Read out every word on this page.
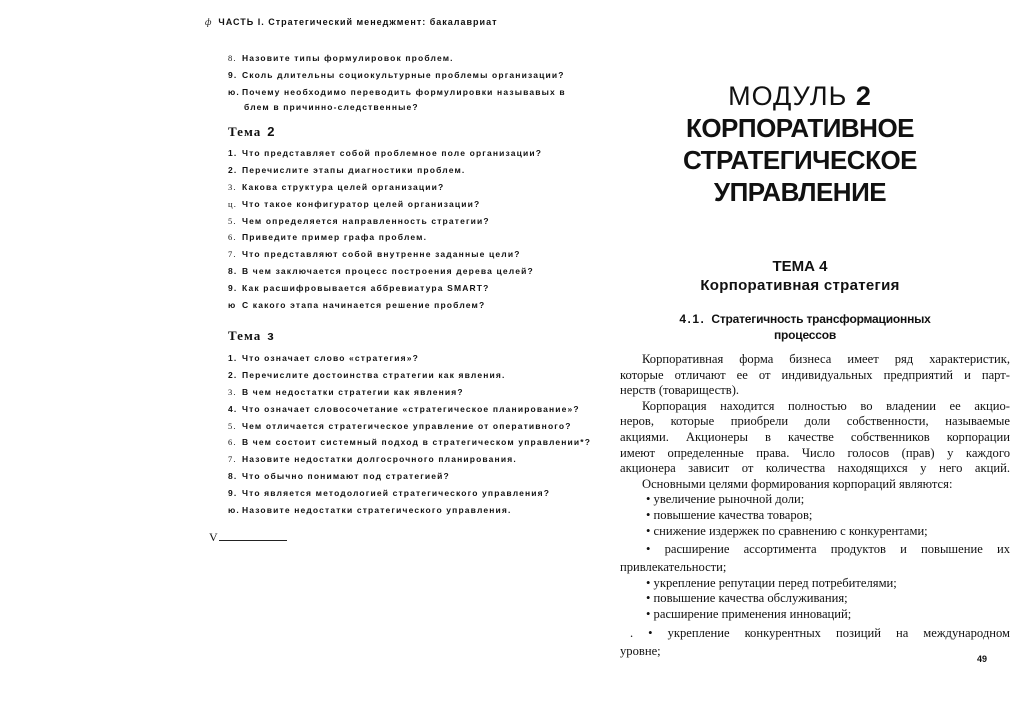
ф ЧАСТЬ I. Стратегический менеджмент: бакалавриат
8. Назовите типы формулировок проблем.
9. Сколь длительны социокультурные проблемы организации?
ю. Почему необходимо переводить формулировки называвых в
блем в причинно-следственные?
Тема 2
1. Что представляет собой проблемное поле организации?
2. Перечислите этапы диагностики проблем.
3. Какова структура целей организации?
ц. Что такое конфигуратор целей организации?
5. Чем определяется направленность стратегии?
6. Приведите пример графа проблем.
7. Что представляют собой внутренне заданные цели?
8. В чем заключается процесс построения дерева целей?
9. Как расшифровывается аббревиатура SMART?
ю С какого этапа начинается решение проблем?
Тема з
1. Что означает слово «стратегия»?
2. Перечислите достоинства стратегии как явления.
3. В чем недостатки стратегии как явления?
4. Что означает словосочетание «стратегическое планирование»?
5. Чем отличается стратегическое управление от оперативного?
6. В чем состоит системный подход в стратегическом управлении*?
7. Назовите недостатки долгосрочного планирования.
8. Что обычно понимают под стратегией?
9. Что является методологией стратегического управления?
ю. Назовите недостатки стратегического управления.
V
МОДУЛЬ 2
КОРПОРАТИВНОЕ
СТРАТЕГИЧЕСКОЕ
УПРАВЛЕНИЕ
ТЕМА 4
Корпоративная стратегия
4.1. Стратегичность трансформационных
процессов
Корпоративная форма бизнеса имеет ряд характеристик,
которые отличают ее от индивидуальных предприятий и парт-
нерств (товариществ).
Корпорация находится полностью во владении ее акцио-
неров, которые приобрели доли собственности, называемые
акциями. Акционеры в качестве собственников корпорации
имеют определенные права. Число голосов (прав) у каждого
акционера зависит от количества находящихся у него акций.
Основными целями формирования корпораций являются:
• увеличение рыночной доли;
• повышение качества товаров;
• снижение издержек по сравнению с конкурентами;
• расширение ассортимента продуктов и повышение их
привлекательности;
• укрепление репутации перед потребителями;
• повышение качества обслуживания;
• расширение применения инноваций;
. • укрепление конкурентных позиций на международном
уровне;
49
